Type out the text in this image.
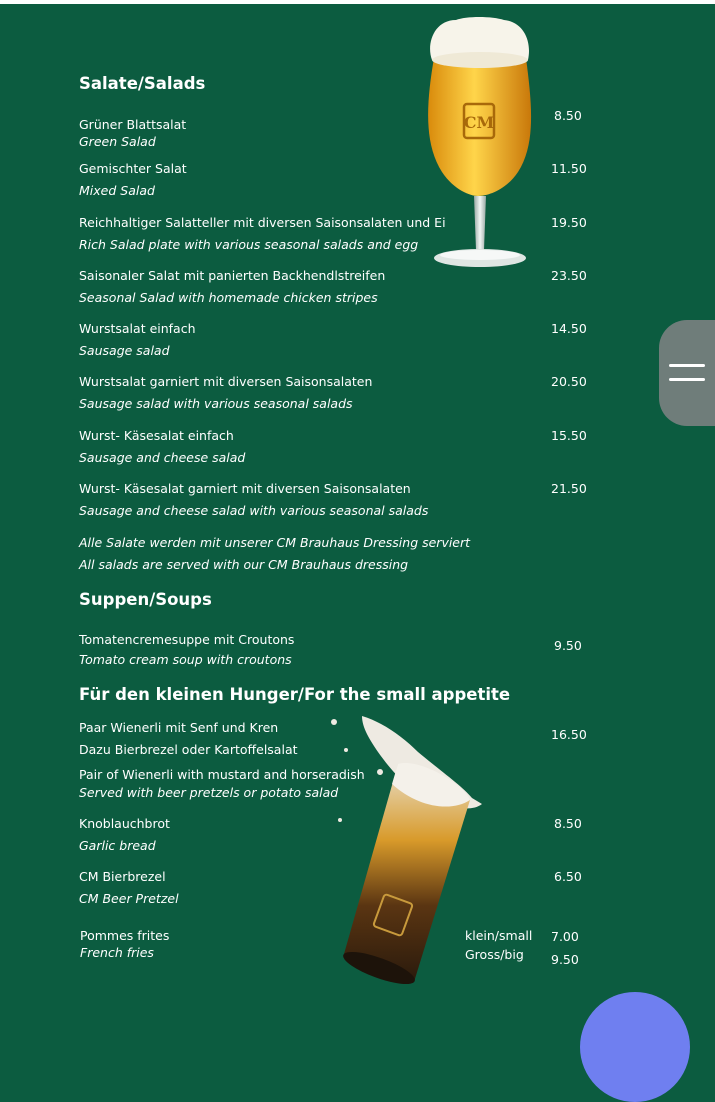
CM
Salate/Salads
Grüner Blattsalat
Green Salad
8.50
Gemischter Salat
Mixed Salad
11.50
Reichhaltiger Salatteller mit diversen Saisonsalaten und Ei
Rich Salad plate with various seasonal salads and egg
19.50
Saisonaler Salat mit panierten Backhendlstreifen
Seasonal Salad with homemade chicken stripes
23.50
Wurstsalat einfach
Sausage salad
14.50
Wurstsalat garniert mit diversen Saisonsalaten
Sausage salad with various seasonal salads
20.50
Wurst- Käsesalat einfach
Sausage and cheese salad
15.50
Wurst- Käsesalat garniert mit diversen Saisonsalaten
Sausage and cheese salad with various seasonal salads
21.50
Alle Salate werden mit unserer CM Brauhaus Dressing serviert
All salads are served with our CM Brauhaus dressing
Suppen/Soups
Tomatencremesuppe mit Croutons
Tomato cream soup with croutons
9.50
Für den kleinen Hunger/For the small appetite
Paar Wienerli mit Senf und Kren
Dazu Bierbrezel oder Kartoffelsalat
Pair of Wienerli with mustard and horseradish
Served with beer pretzels or potato salad
16.50
Knoblauchbrot
Garlic bread
8.50
CM Bierbrezel
CM Beer Pretzel
6.50
Pommes frites
French fries
klein/small
Gross/big
7.00
9.50
